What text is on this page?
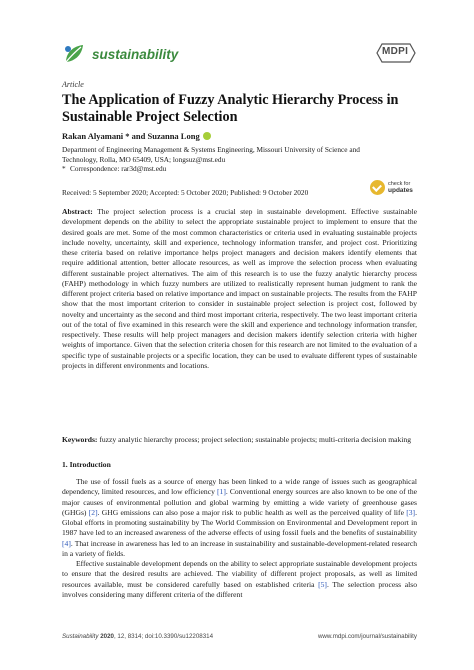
sustainability	MDPI
Article
The Application of Fuzzy Analytic Hierarchy Process in Sustainable Project Selection
Rakan Alyamani * and Suzanna Long
Department of Engineering Management & Systems Engineering, Missouri University of Science and
Technology, Rolla, MO 65409, USA; longsuz@mst.edu
* Correspondence: rar3d@mst.edu
Received: 5 September 2020; Accepted: 5 October 2020; Published: 9 October 2020
check for
updates
Abstract: The project selection process is a crucial step in sustainable development. Effective sustainable development depends on the ability to select the appropriate sustainable project to implement to ensure that the desired goals are met. Some of the most common characteristics or criteria used in evaluating sustainable projects include novelty, uncertainty, skill and experience, technology information transfer, and project cost. Prioritizing these criteria based on relative importance helps project managers and decision makers identify elements that require additional attention, better allocate resources, as well as improve the selection process when evaluating different sustainable project alternatives. The aim of this research is to use the fuzzy analytic hierarchy process (FAHP) methodology in which fuzzy numbers are utilized to realistically represent human judgment to rank the different project criteria based on relative importance and impact on sustainable projects. The results from the FAHP show that the most important criterion to consider in sustainable project selection is project cost, followed by novelty and uncertainty as the second and third most important criteria, respectively. The two least important criteria out of the total of five examined in this research were the skill and experience and technology information transfer, respectively. These results will help project managers and decision makers identify selection criteria with higher weights of importance. Given that the selection criteria chosen for this research are not limited to the evaluation of a specific type of sustainable projects or a specific location, they can be used to evaluate different types of sustainable projects in different environments and locations.
Keywords: fuzzy analytic hierarchy process; project selection; sustainable projects; multi-criteria decision making
1. Introduction

The use of fossil fuels as a source of energy has been linked to a wide range of issues such as geographical dependency, limited resources, and low efficiency [1]. Conventional energy sources are also known to be one of the major causes of environmental pollution and global warming by emitting a wide variety of greenhouse gases (GHGs) [2]. GHG emissions can also pose a major risk to public health as well as the perceived quality of life [3]. Global efforts in promoting sustainability by The World Commission on Environmental and Development report in 1987 have led to an increased awareness of the adverse effects of using fossil fuels and the benefits of sustainability [4]. That increase in awareness has led to an increase in sustainability and sustainable-development-related research in a variety of fields.

Effective sustainable development depends on the ability to select appropriate sustainable development projects to ensure that the desired results are achieved. The viability of different project proposals, as well as limited resources available, must be considered carefully based on established criteria [5]. The selection process also involves considering many different criteria of the different

Sustainability 2020, 12, 8314; doi:10.3390/su12208314	www.mdpi.com/journal/sustainability
